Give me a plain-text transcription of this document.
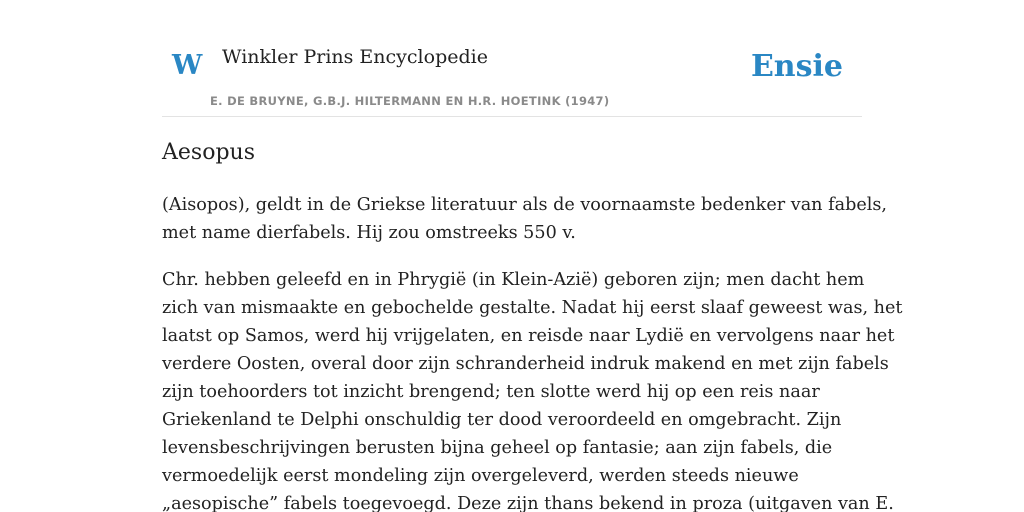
W Winkler Prins Encyclopedie
E. DE BRUYNE, G.B.J. HILTERMANN EN H.R. HOETINK (1947)
Ensie
Aesopus

(Aisopos), geldt in de Griekse literatuur als de voornaamste bedenker van fabels,
met name dierfabels. Hij zou omstreeks 550 v.

Chr. hebben geleefd en in Phrygië (in Klein-Azië) geboren zijn; men dacht hem
zich van mismaakte en gebochelde gestalte. Nadat hij eerst slaaf geweest was, het
laatst op Samos, werd hij vrijgelaten, en reisde naar Lydië en vervolgens naar het
verdere Oosten, overal door zijn schranderheid indruk makend en met zijn fabels
zijn toehoorders tot inzicht brengend; ten slotte werd hij op een reis naar
Griekenland te Delphi onschuldig ter dood veroordeeld en omgebracht. Zijn
levensbeschrijvingen berusten bijna geheel op fantasie; aan zijn fabels, die
vermoedelijk eerst mondeling zijn overgeleverd, werden steeds nieuwe
„aesopische” fabels toegevoegd. Deze zijn thans bekend in proza (uitgaven van E.
